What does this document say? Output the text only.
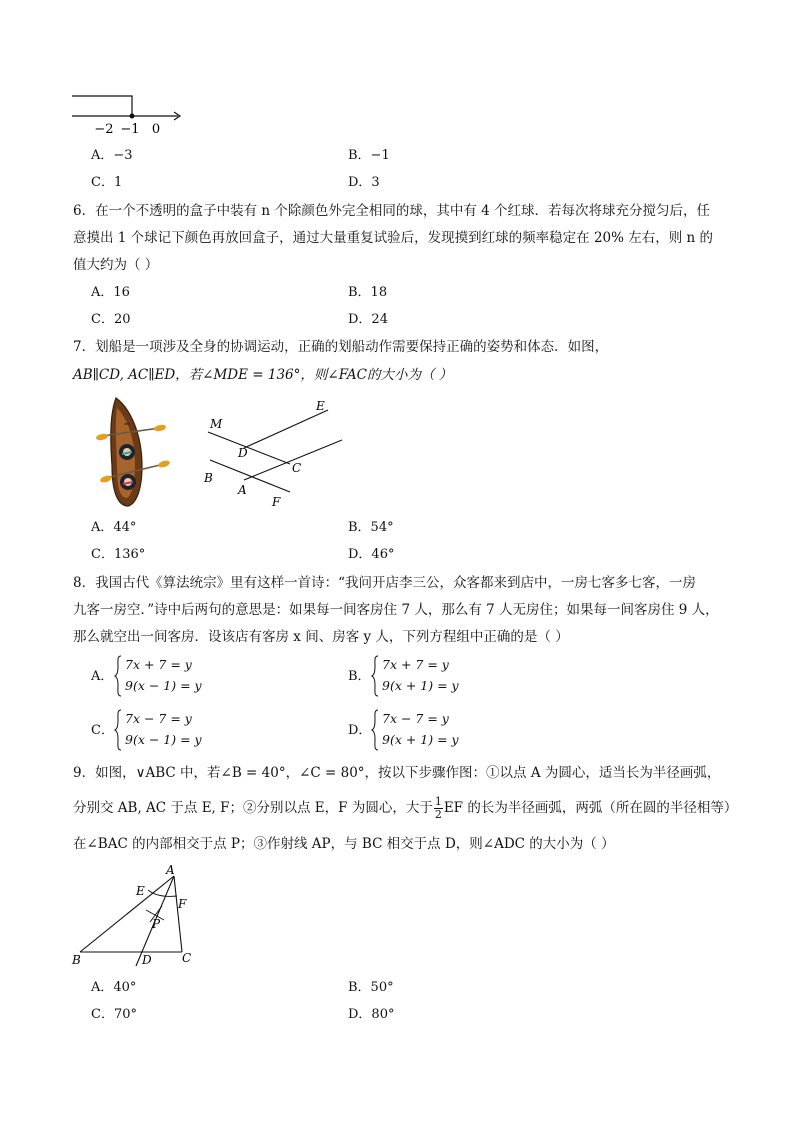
−2 −1 0
A．−3	B．−1
C．1	D．3
6．在一个不透明的盒子中装有 n 个除颜色外完全相同的球，其中有 4 个红球．若每次将球充分搅匀后，任
意摸出 1 个球记下颜色再放回盒子，通过大量重复试验后，发现摸到红球的频率稳定在 20% 左右，则 n 的
值大约为（ ）
A．16	B．18
C．20	D．24
7．划船是一项涉及全身的协调运动，正确的划船动作需要保持正确的姿势和体态．如图，
AB∥CD, AC∥ED，若∠MDE = 136°，则∠FAC的大小为（ ）
M
E
D
C
B
A
F
A．44°	B．54°
C．136°	D．46°
8．我国古代《算法统宗》里有这样一首诗：“我问开店李三公，众客都来到店中，一房七客多七客，一房
九客一房空．”诗中后两句的意思是：如果每一间客房住 7 人，那么有 7 人无房住；如果每一间客房住 9 人，
那么就空出一间客房．设该店有客房 x 间、房客 y 人，下列方程组中正确的是（ ）
A．
7x + 7 = y
9(x − 1) = y
B．
7x + 7 = y
9(x + 1) = y
C．
7x − 7 = y
9(x − 1) = y
D．
7x − 7 = y
9(x + 1) = y
9．如图，∨ABC 中，若∠B = 40°，∠C = 80°，按以下步骤作图：①以点 A 为圆心，适当长为半径画弧，
分别交 AB, AC 于点 E, F；②分别以点 E，F 为圆心，大于 $\frac{1}{2}$ EF 的长为半径画弧，两弧（所在圆的半径相等）
在∠BAC 的内部相交于点 P；③作射线 AP，与 BC 相交于点 D，则∠ADC 的大小为（ ）
A
E
F
P
B	D	C
A．40°	B．50°
C．70°	D．80°
